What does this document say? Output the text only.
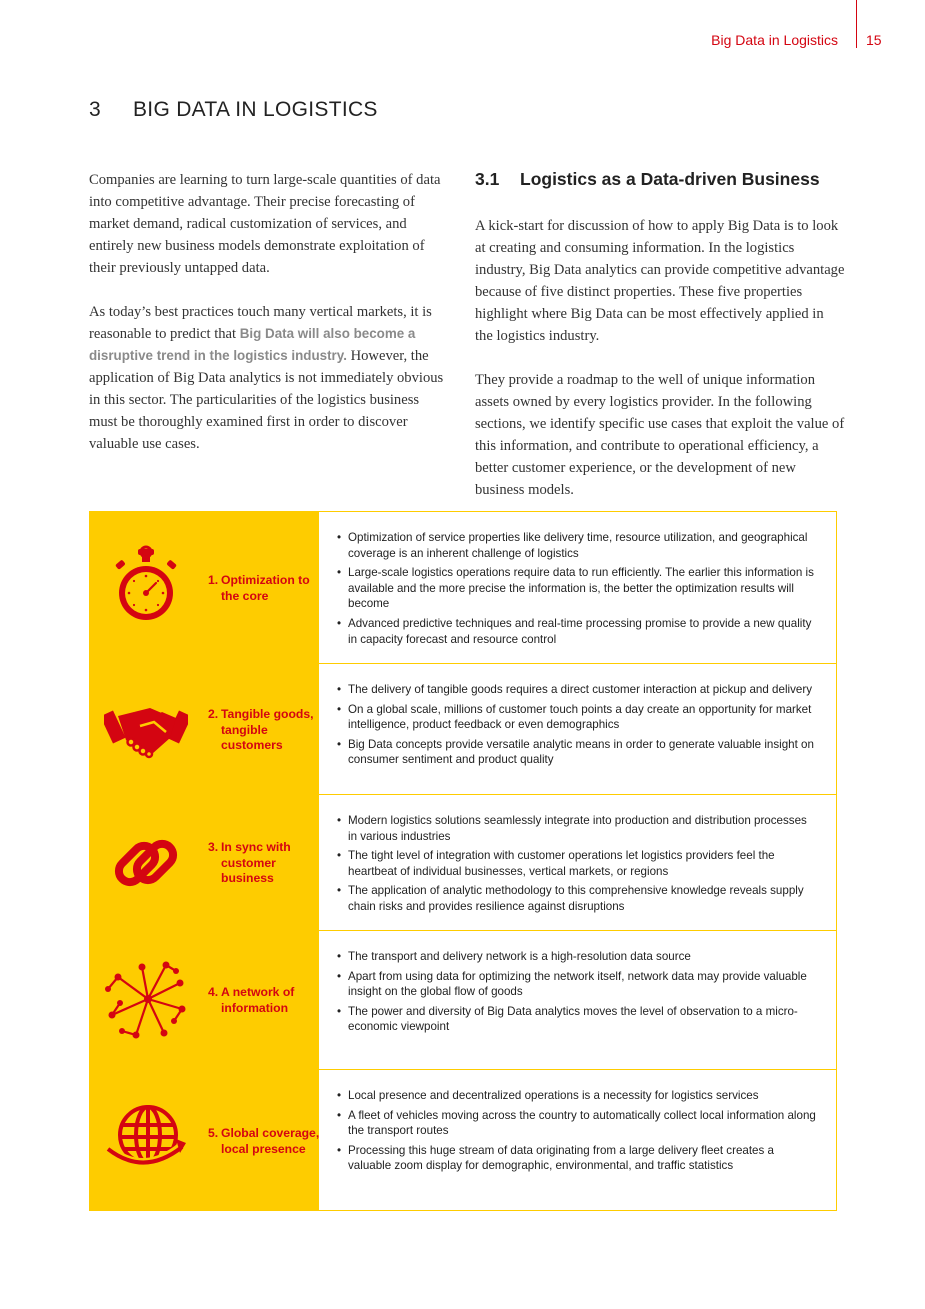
Big Data in Logistics 15
3 BIG DATA IN LOGISTICS

Companies are learning to turn large-scale quantities of data into competitive advantage. Their precise forecasting of market demand, radical customization of services, and entirely new business models demonstrate exploitation of their previously untapped data.

As today’s best practices touch many vertical markets, it is reasonable to predict that Big Data will also become a disruptive trend in the logistics industry. However, the application of Big Data analytics is not immediately obvious in this sector. The particularities of the logistics business must be thoroughly examined first in order to discover valuable use cases.

3.1 Logistics as a Data-driven Business

A kick-start for discussion of how to apply Big Data is to look at creating and consuming information. In the logistics industry, Big Data analytics can provide competitive advantage because of five distinct properties. These five properties highlight where Big Data can be most effectively applied in the logistics industry.

They provide a roadmap to the well of unique information assets owned by every logistics provider. In the following sections, we identify specific use cases that exploit the value of this information, and contribute to operational efficiency, a better customer experience, or the development of new business models.

1. Optimization to the core
• Optimization of service properties like delivery time, resource utilization, and geographical coverage is an inherent challenge of logistics
• Large-scale logistics operations require data to run efficiently. The earlier this information is available and the more precise the information is, the better the optimization results will become
• Advanced predictive techniques and real-time processing promise to provide a new quality in capacity forecast and resource control
2. Tangible goods, tangible customers
• The delivery of tangible goods requires a direct customer interaction at pickup and delivery
• On a global scale, millions of customer touch points a day create an opportunity for market intelligence, product feedback or even demographics
• Big Data concepts provide versatile analytic means in order to generate valuable insight on consumer sentiment and product quality
3. In sync with customer business
• Modern logistics solutions seamlessly integrate into production and distribution processes in various industries
• The tight level of integration with customer operations let logistics providers feel the heartbeat of individual businesses, vertical markets, or regions
• The application of analytic methodology to this comprehensive knowledge reveals supply chain risks and provides resilience against disruptions
4. A network of information
• The transport and delivery network is a high-resolution data source
• Apart from using data for optimizing the network itself, network data may provide valuable insight on the global flow of goods
• The power and diversity of Big Data analytics moves the level of observation to a micro-economic viewpoint
5. Global coverage, local presence
• Local presence and decentralized operations is a necessity for logistics services
• A fleet of vehicles moving across the country to automatically collect local information along the transport routes
• Processing this huge stream of data originating from a large delivery fleet creates a valuable zoom display for demographic, environmental, and traffic statistics
